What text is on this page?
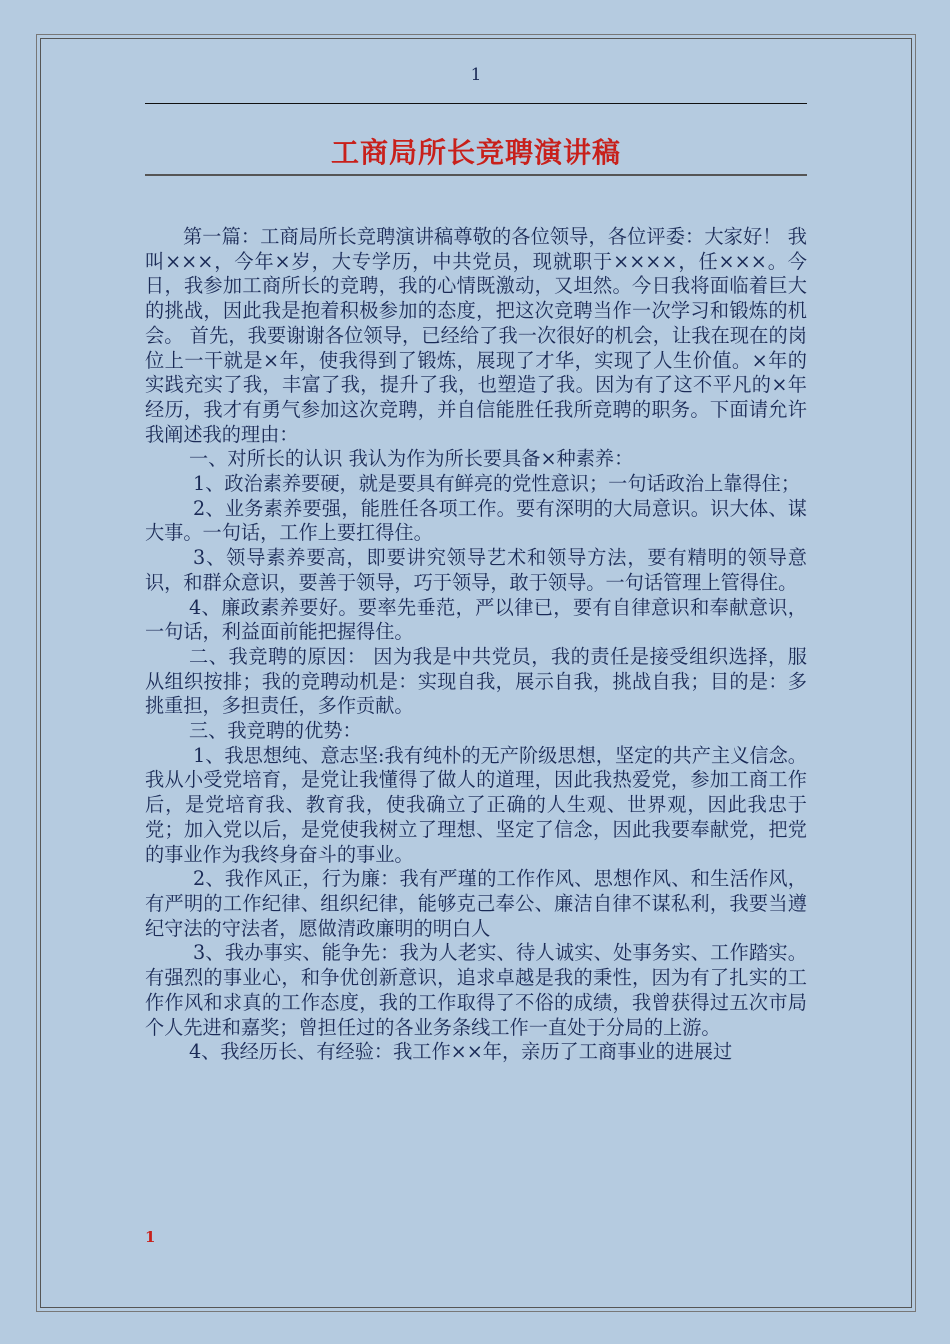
1
工商局所长竞聘演讲稿

第一篇：工商局所长竞聘演讲稿尊敬的各位领导，各位评委：大家好！ 我叫×××，今年×岁，大专学历，中共党员，现就职于××××，任×××。今日，我参加工商所长的竞聘，我的心情既激动，又坦然。今日我将面临着巨大的挑战，因此我是抱着积极参加的态度，把这次竞聘当作一次学习和锻炼的机会。 首先，我要谢谢各位领导，已经给了我一次很好的机会，让我在现在的岗位上一干就是×年，使我得到了锻炼，展现了才华，实现了人生价值。×年的实践充实了我，丰富了我，提升了我，也塑造了我。因为有了这不平凡的×年经历，我才有勇气参加这次竞聘，并自信能胜任我所竞聘的职务。下面请允许我阐述我的理由：

一、对所长的认识 我认为作为所长要具备×种素养：

1、政治素养要硬，就是要具有鲜亮的党性意识；一句话政治上靠得住；

2、业务素养要强，能胜任各项工作。要有深明的大局意识。识大体、谋大事。一句话，工作上要扛得住。

3、领导素养要高，即要讲究领导艺术和领导方法，要有精明的领导意识，和群众意识，要善于领导，巧于领导，敢于领导。一句话管理上管得住。

4、廉政素养要好。要率先垂范，严以律已，要有自律意识和奉献意识，一句话，利益面前能把握得住。

二、我竞聘的原因： 因为我是中共党员，我的责任是接受组织选择，服从组织按排；我的竞聘动机是：实现自我，展示自我，挑战自我；目的是：多挑重担，多担责任，多作贡献。

三、我竞聘的优势：

1、我思想纯、意志坚:我有纯朴的无产阶级思想，坚定的共产主义信念。我从小受党培育，是党让我懂得了做人的道理，因此我热爱党，参加工商工作后，是党培育我、教育我，使我确立了正确的人生观、世界观，因此我忠于党；加入党以后，是党使我树立了理想、坚定了信念，因此我要奉献党，把党的事业作为我终身奋斗的事业。

2、我作风正，行为廉：我有严瑾的工作作风、思想作风、和生活作风，有严明的工作纪律、组织纪律，能够克己奉公、廉洁自律不谋私利，我要当遵纪守法的守法者，愿做清政廉明的明白人

3、我办事实、能争先：我为人老实、待人诚实、处事务实、工作踏实。有强烈的事业心，和争优创新意识，追求卓越是我的秉性，因为有了扎实的工作作风和求真的工作态度，我的工作取得了不俗的成绩，我曾获得过五次市局个人先进和嘉奖；曾担任过的各业务条线工作一直处于分局的上游。

4、我经历长、有经验：我工作××年，亲历了工商事业的进展过

1
